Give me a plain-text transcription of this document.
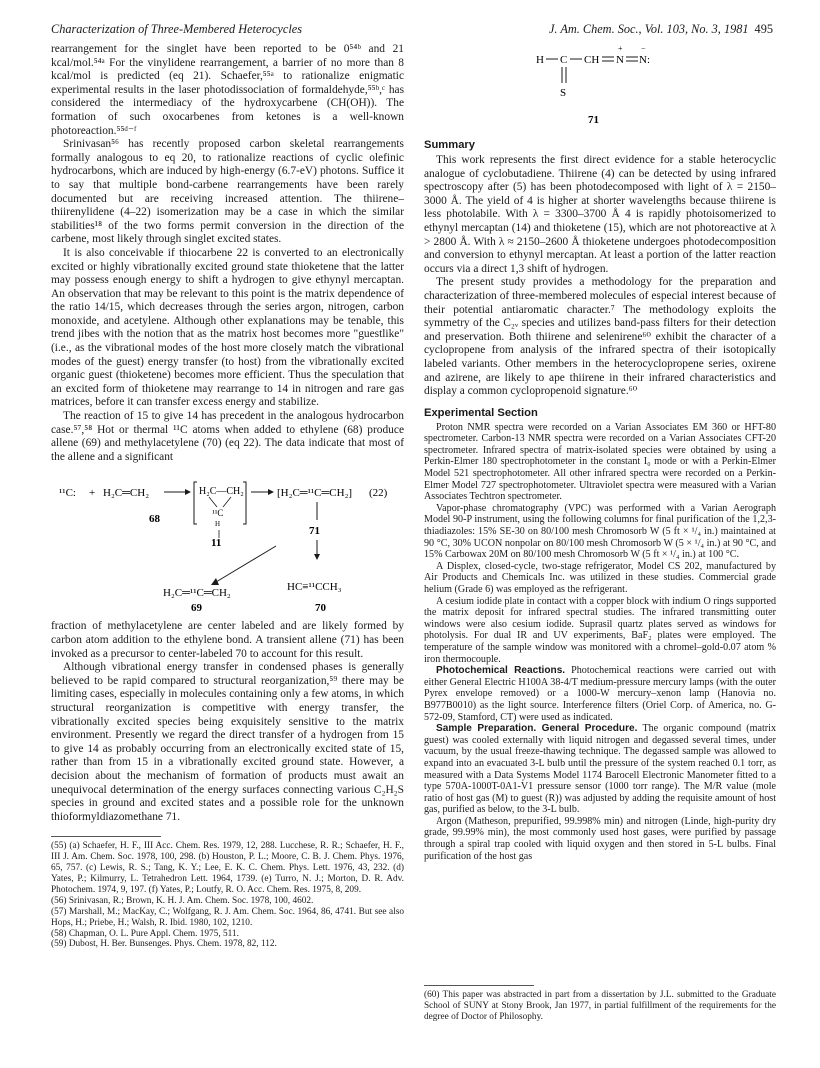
Characterization of Three-Membered Heterocycles	J. Am. Chem. Soc., Vol. 103, No. 3, 1981 495

rearrangement for the singlet have been reported to be 0⁵⁴ᵇ and 21 kcal/mol.⁵⁴ᵃ For the vinylidene rearrangement, a barrier of no more than 8 kcal/mol is predicted (eq 21). Schaefer,⁵⁵ᵃ to rationalize enigmatic experimental results in the laser photodissociation of formaldehyde,⁵⁵ᵇ,ᶜ has considered the intermediacy of the hydroxycarbene (CH(OH)). The formation of such oxocarbenes from ketones is a well-known photoreaction.⁵⁵ᵈ⁻ᶠ

Srinivasan⁵⁶ has recently proposed carbon skeletal rearrangements formally analogous to eq 20, to rationalize reactions of cyclic olefinic hydrocarbons, which are induced by high-energy (6.7-eV) photons. Suffice it to say that multiple bond-carbene rearrangements have been rarely documented but are receiving increased attention. The thiirene–thiirenylidene (4–22) isomerization may be a case in which the similar stabilities¹⁸ of the two forms permit conversion in the direction of the carbene, most likely through singlet excited states.

It is also conceivable if thiocarbene 22 is converted to an electronically excited or highly vibrationally excited ground state thioketene that the latter may possess enough energy to shift a hydrogen to give ethynyl mercaptan. An observation that may be relevant to this point is the matrix dependence of the ratio 14/15, which decreases through the series argon, nitrogen, carbon monoxide, and acetylene. Although other explanations may be tenable, this trend jibes with the notion that as the matrix host becomes more "guestlike" (i.e., as the vibrational modes of the host more closely match the vibrational modes of the guest) energy transfer (to host) from the vibrationally excited organic guest (thioketene) becomes more efficient. Thus the speculation that an excited form of thioketene may rearrange to 14 in nitrogen and rare gas matrices, before it can transfer excess energy and stabilize.

The reaction of 15 to give 14 has precedent in the analogous hydrocarbon case.⁵⁷,⁵⁸ Hot or thermal ¹¹C atoms when added to ethylene (68) produce allene (69) and methylacetylene (70) (eq 22). The data indicate that most of the allene and a significant

¹¹C: + H₂C═CH₂	H₂C—CH₂
¹¹C
H
[H₂C═¹¹C═CH₂] (22)
68
71
11
H₂C═¹¹C═CH₂	HC≡¹¹CCH₃
69	70

fraction of methylacetylene are center labeled and are likely formed by carbon atom addition to the ethylene bond. A transient allene (71) has been invoked as a precursor to center-labeled 70 to account for this result.

Although vibrational energy transfer in condensed phases is generally believed to be rapid compared to structural reorganization,⁵⁹ there may be limiting cases, especially in molecules containing only a few atoms, in which structural reorganization is competitive with energy transfer, the vibrationally excited species being exquisitely sensitive to the matrix environment. Presently we regard the direct transfer of a hydrogen from 15 to give 14 as probably occurring from an electronically excited state of 15, rather than from 15 in a vibrationally excited ground state. However, a decision about the mechanism of formation of products must await an unequivocal determination of the energy surfaces connecting various C₂H₂S species in ground and excited states and a possible role for the unknown thioformyldiazomethane 71.

(55) (a) Schaefer, H. F., III Acc. Chem. Res. 1979, 12, 288. Lucchese, R. R.; Schaefer, H. F., III J. Am. Chem. Soc. 1978, 100, 298. (b) Houston, P. L.; Moore, C. B. J. Chem. Phys. 1976, 65, 757. (c) Lewis, R. S.; Tang, K. Y.; Lee, E. K. C. Chem. Phys. Lett. 1976, 43, 232. (d) Yates, P.; Kilmurry, L. Tetrahedron Lett. 1964, 1739. (e) Turro, N. J.; Morton, D. R. Adv. Photochem. 1974, 9, 197. (f) Yates, P.; Loutfy, R. O. Acc. Chem. Res. 1975, 8, 209.
(56) Srinivasan, R.; Brown, K. H. J. Am. Chem. Soc. 1978, 100, 4602.
(57) Marshall, M.; MacKay, C.; Wolfgang, R. J. Am. Chem. Soc. 1964, 86, 4741. But see also Hops, H.; Priebe, H.; Walsh, R. Ibid. 1980, 102, 1210.
(58) Chapman, O. L. Pure Appl. Chem. 1975, 511.
(59) Dubost, H. Ber. Bunsenges. Phys. Chem. 1978, 82, 112.
H C CH
+
N
−
N:
S
71
Summary

This work represents the first direct evidence for a stable heterocyclic analogue of cyclobutadiene. Thiirene (4) can be detected by using infrared spectroscopy after (5) has been photodecomposed with light of λ = 2150–3000 Å. The yield of 4 is higher at shorter wavelengths because thiirene is less photolabile. With λ = 3300–3700 Å 4 is rapidly photoisomerized to ethynyl mercaptan (14) and thioketene (15), which are not photoreactive at λ > 2800 Å. With λ ≈ 2150–2600 Å thioketene undergoes photodecomposition and conversion to ethynyl mercaptan. At least a portion of the latter reaction occurs via a direct 1,3 shift of hydrogen.

The present study provides a methodology for the preparation and characterization of three-membered molecules of especial interest because of their potential antiaromatic character.⁷ The methodology exploits the symmetry of the C₂ᵥ species and utilizes band-pass filters for their detection and preservation. Both thiirene and selenirene⁶⁰ exhibit the character of a cyclopropene from analysis of the infrared spectra of their isotopically labeled variants. Other members in the heterocyclopropene series, oxirene and azirene, are likely to ape thiirene in their infrared characteristics and display a common cyclopropenoid signature.⁶⁰

Experimental Section

Proton NMR spectra were recorded on a Varian Associates EM 360 or HFT-80 spectrometer. Carbon-13 NMR spectra were recorded on a Varian Associates CFT-20 spectrometer. Infrared spectra of matrix-isolated species were obtained by using a Perkin-Elmer 180 spectrophotometer in the constant I₀ mode or with a Perkin-Elmer Model 521 spectrophotometer. All other infrared spectra were recorded on a Perkin-Elmer Model 727 spectrophotometer. Ultraviolet spectra were measured with a Varian Associates Techtron spectrometer.

Vapor-phase chromatography (VPC) was performed with a Varian Aerograph Model 90-P instrument, using the following columns for final purification of the 1,2,3-thiadiazoles: 15% SE-30 on 80/100 mesh Chromosorb W (5 ft × ¹/₄ in.) maintained at 90 °C, 30% UCON nonpolar on 80/100 mesh Chromosorb W (5 × ¹/₄ in.) at 90 °C, and 15% Carbowax 20M on 80/100 mesh Chromosorb W (5 ft × ¹/₄ in.) at 100 °C.

A Displex, closed-cycle, two-stage refrigerator, Model CS 202, manufactured by Air Products and Chemicals Inc. was utilized in these studies. Commercial grade helium (Grade 6) was employed as the refrigerant.

A cesium iodide plate in contact with a copper block with indium O rings supported the matrix deposit for infrared spectral studies. The infrared transmitting outer windows were also cesium iodide. Suprasil quartz plates served as windows for photolysis. For dual IR and UV experiments, BaF₂ plates were employed. The temperature of the sample window was monitored with a chromel–gold-0.07 atom % iron thermocouple.

Photochemical Reactions. Photochemical reactions were carried out with either General Electric H100A 38-4/T medium-pressure mercury lamps (with the outer Pyrex envelope removed) or a 1000-W mercury–xenon lamp (Hanovia no. B977B0010) as the light source. Interference filters (Oriel Corp. of America, no. G-572-09, Stamford, CT) were used as indicated.

Sample Preparation. General Procedure. The organic compound (matrix guest) was cooled externally with liquid nitrogen and degassed several times, under vacuum, by the usual freeze-thawing technique. The degassed sample was allowed to expand into an evacuated 3-L bulb until the pressure of the system reached 0.1 torr, as measured with a Data Systems Model 1174 Barocell Electronic Manometer fitted to a type 570A-1000T-0A1-V1 pressure sensor (1000 torr range). The M/R value (mole ratio of host gas (M) to guest (R)) was adjusted by adding the requisite amount of host gas, purified as below, to the 3-L bulb.

Argon (Matheson, prepurified, 99.998% min) and nitrogen (Linde, high-purity dry grade, 99.99% min), the most commonly used host gases, were purified by passage through a spiral trap cooled with liquid oxygen and then stored in 5-L bulbs. Final purification of the host gas

(60) This paper was abstracted in part from a dissertation by J.L. submitted to the Graduate School of SUNY at Stony Brook, Jan 1977, in partial fulfillment of the requirements for the degree of Doctor of Philosophy.
